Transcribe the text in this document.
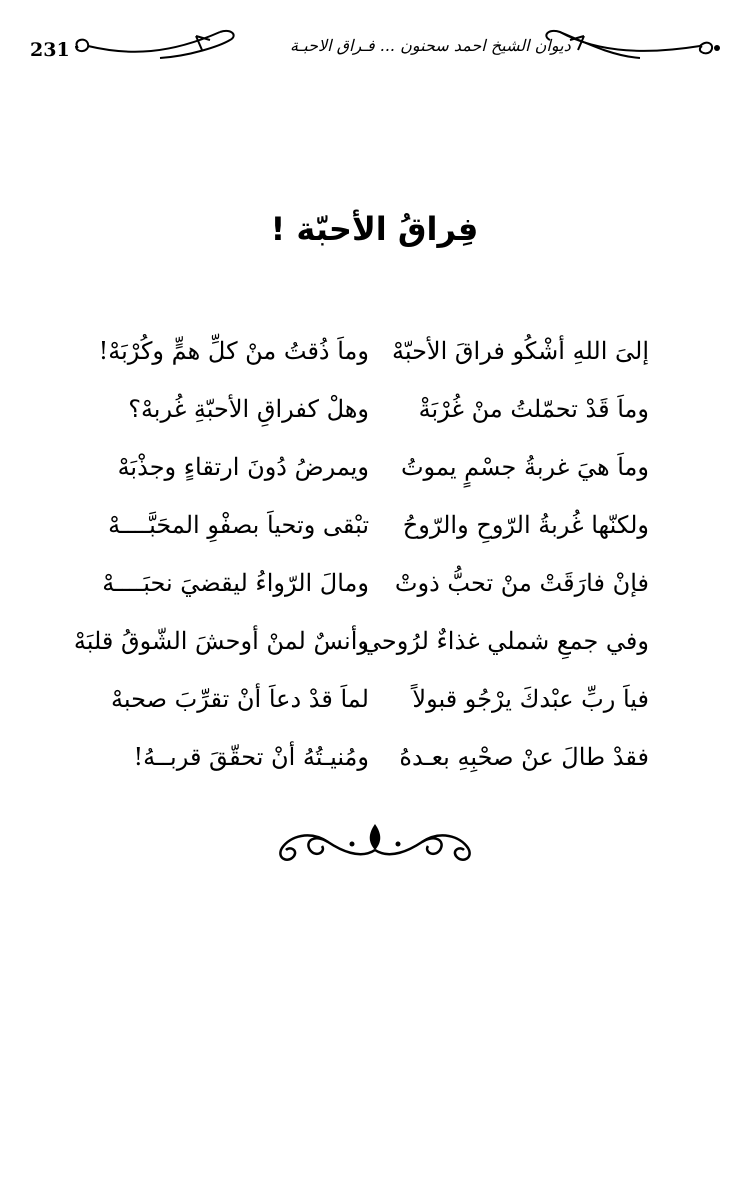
231	ديوان الشيخ احمد سحنون ... فـراق الاحبـة
فِراقُ الأحبّة !
إلىَ اللهِ أشْكُو فراقَ الأحبّهْ
وماَ ذُقتُ منْ كلِّ همٍّ وكُرْبَهْ!
وماَ قَدْ تحمّلتُ منْ غُرْبَةْ
وهلْ كفراقِ الأحبّةِ غُربهْ؟
وماَ هيَ غربةُ جسْمٍ يموتُ
ويمرضُ دُونَ ارتقاءٍ وجذْبَهْ
ولكنّها غُربةُ الرّوحِ والرّوحُ
تبْقى وتحياَ بصفْوِ المحَبَّــــهْ
فإنْ فارَقَتْ منْ تحبُّ ذوتْ
ومالَ الرّواءُ ليقضيَ نحبَــــهْ
وفي جمعِ شملي غذاءٌ لرُوحي
وأنسٌ لمنْ أوحشَ الشّوقُ قلبَهْ
فياَ ربِّ عبْدكَ يرْجُو قبولاً
لماَ قدْ دعاَ أنْ تقرِّبَ صحبهْ
فقدْ طالَ عنْ صحْبِهِ بعـدهُ
ومُنيـتُهُ أنْ تحقّقَ قربــهُ!
